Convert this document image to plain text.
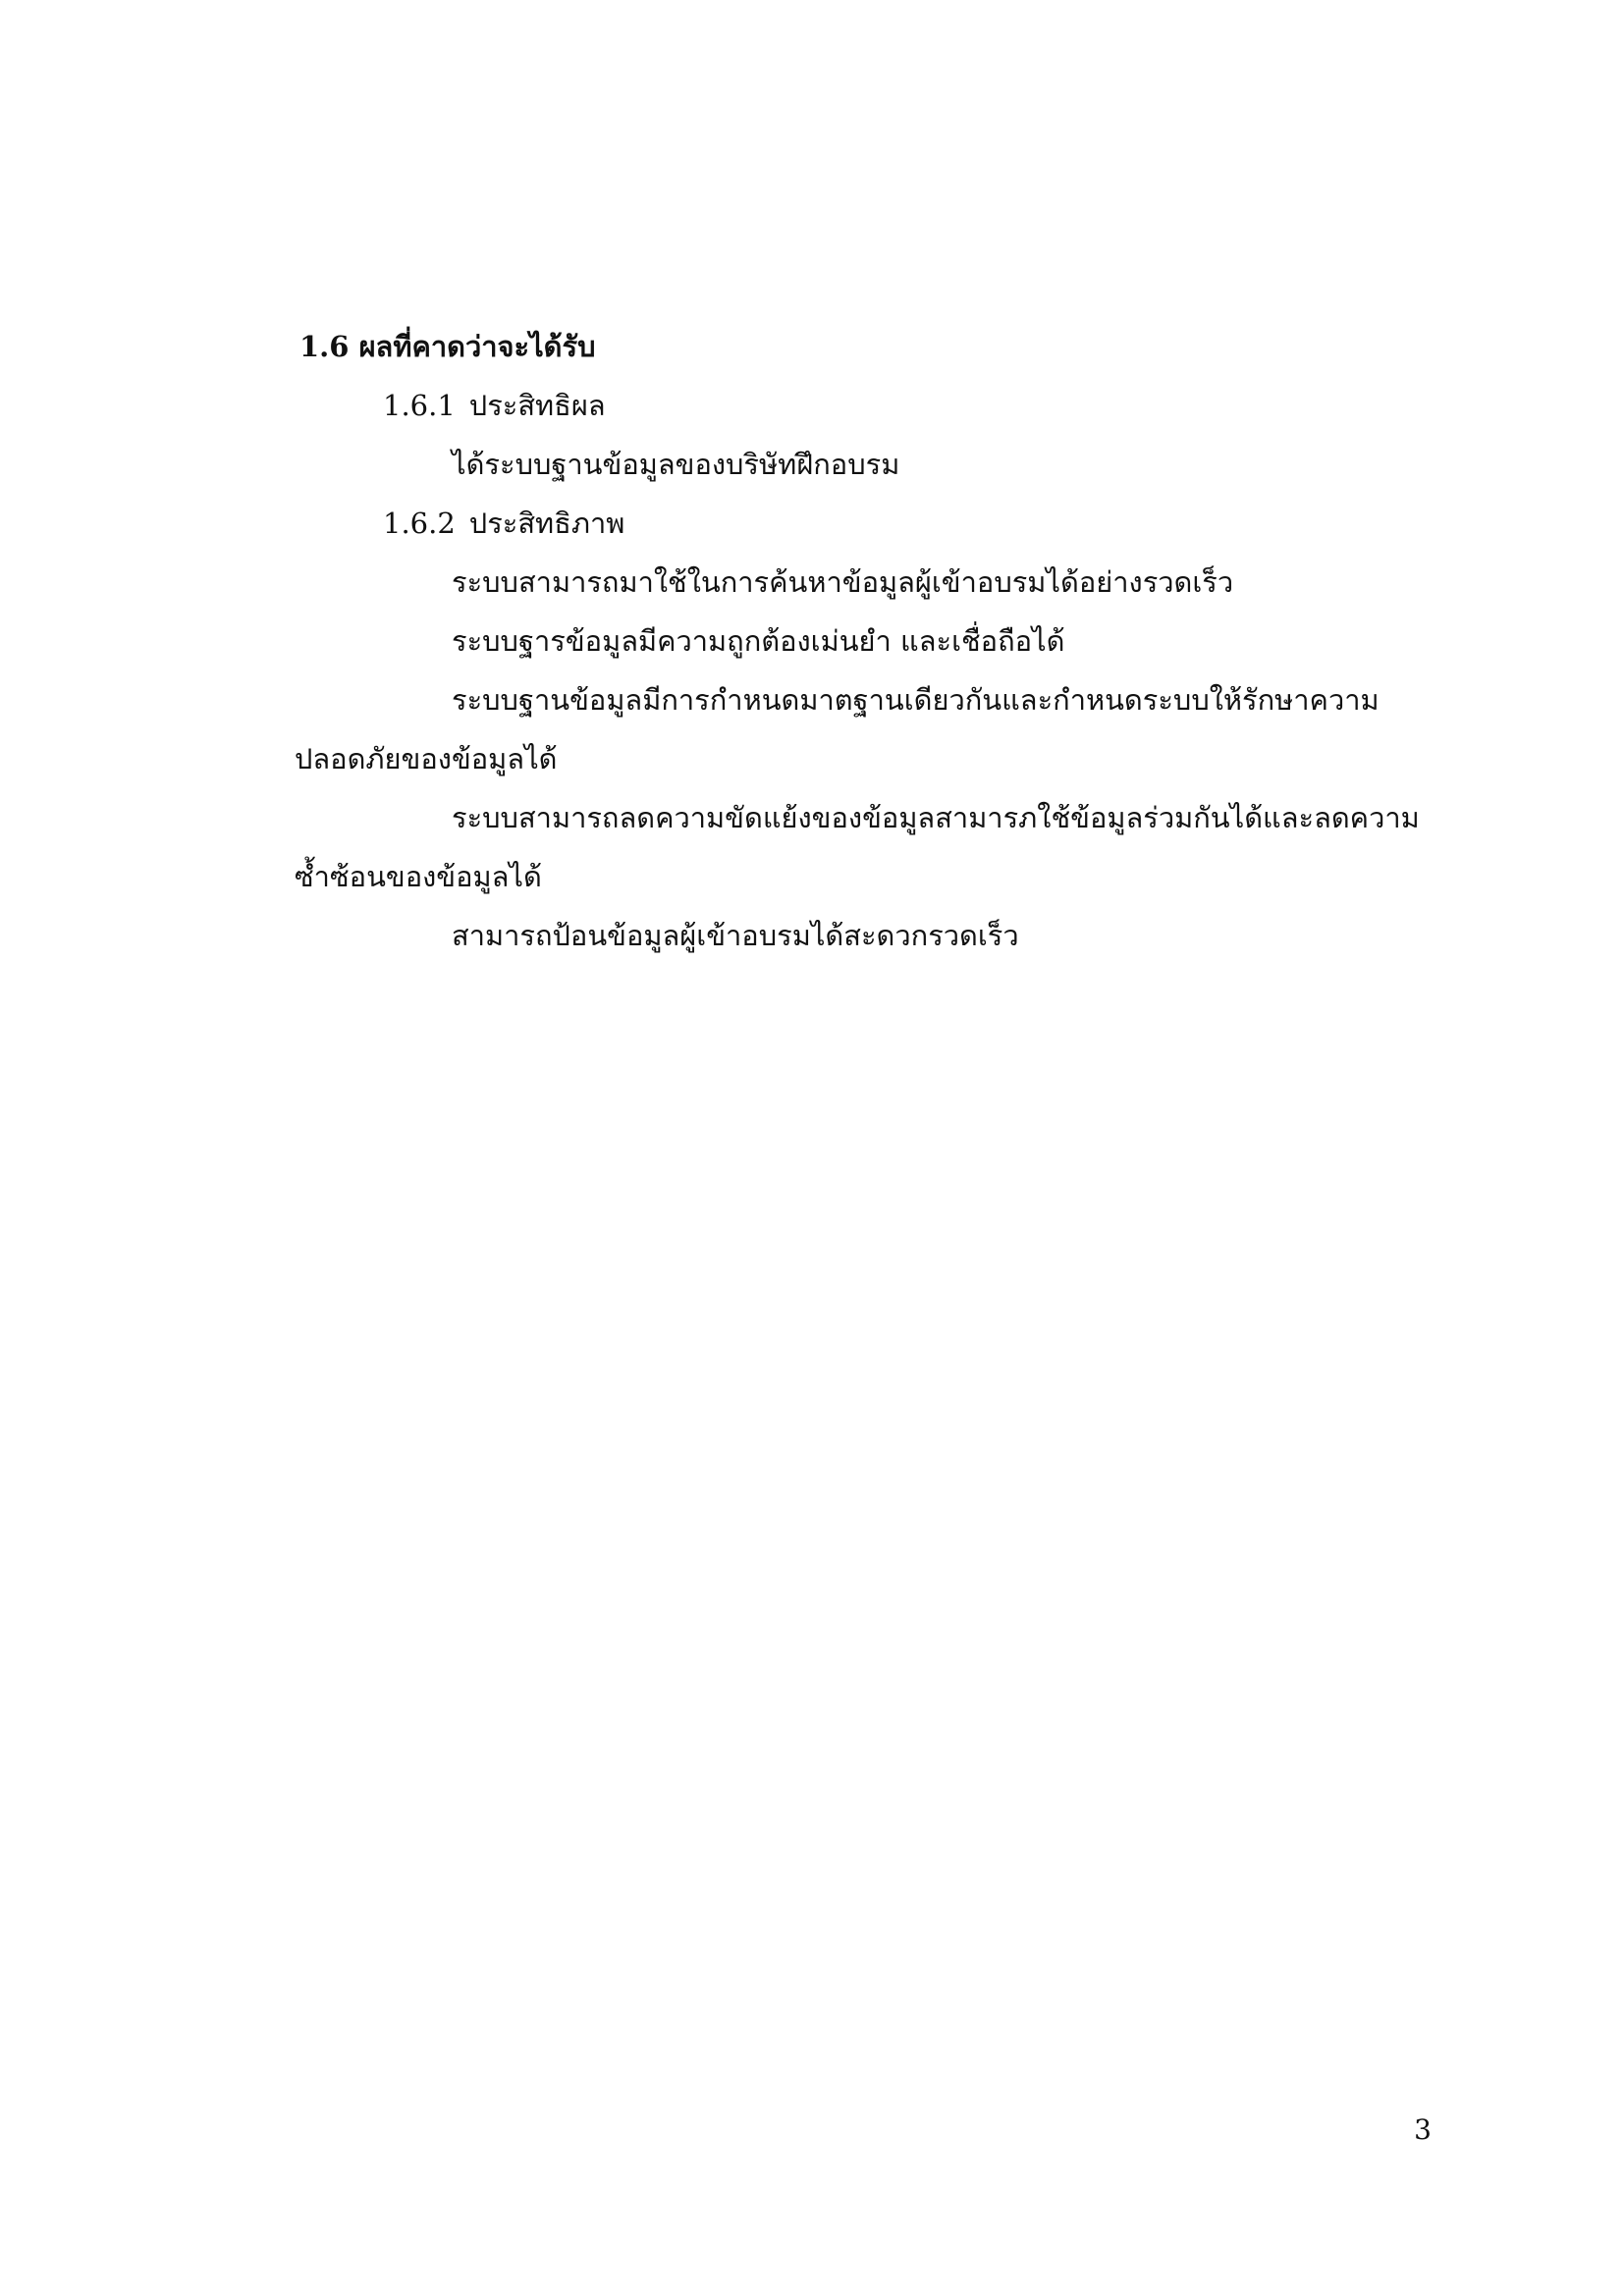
1.6 ผลที่คาดว่าจะได้รับ
1.6.1 ประสิทธิผล
ได้ระบบฐานข้อมูลของบริษัทฝึกอบรม
1.6.2 ประสิทธิภาพ
ระบบสามารถมาใช้ในการค้นหาข้อมูลผู้เข้าอบรมได้อย่างรวดเร็ว
ระบบฐารข้อมูลมีความถูกต้องเม่นยำ และเชื่อถือได้
ระบบฐานข้อมูลมีการกำหนดมาตฐานเดียวกันและกำหนดระบบให้รักษาความ
ปลอดภัยของข้อมูลได้
ระบบสามารถลดความขัดแย้งของข้อมูลสามารภใช้ข้อมูลร่วมกันได้และลดความ
ซ้ำซ้อนของข้อมูลได้
สามารถป้อนข้อมูลผู้เข้าอบรมได้สะดวกรวดเร็ว
3
